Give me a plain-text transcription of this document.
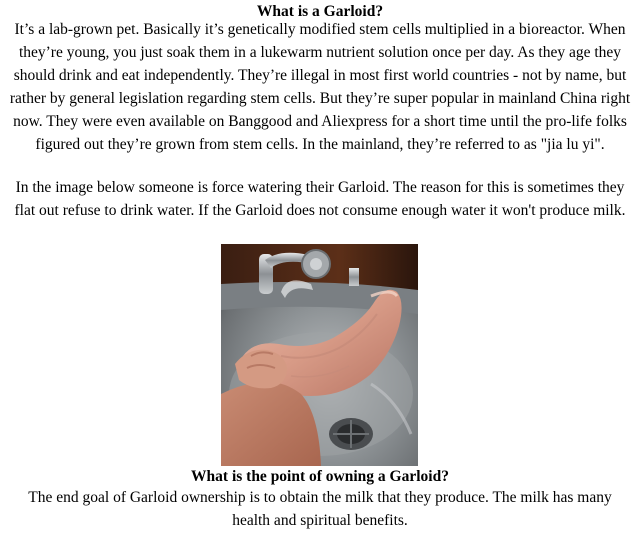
What is a Garloid?

It’s a lab-grown pet. Basically it’s genetically modified stem cells multiplied in a bioreactor. When they’re young, you just soak them in a lukewarm nutrient solution once per day. As they age they should drink and eat independently. They’re illegal in most first world countries - not by name, but rather by general legislation regarding stem cells. But they’re super popular in mainland China right now. They were even available on Banggood and Aliexpress for a short time until the pro-life folks figured out they’re grown from stem cells. In the mainland, they’re referred to as "jia lu yi".

In the image below someone is force watering their Garloid. The reason for this is sometimes they flat out refuse to drink water. If the Garloid does not consume enough water it won't produce milk.

What is the point of owning a Garloid?

The end goal of Garloid ownership is to obtain the milk that they produce. The milk has many health and spiritual benefits.
